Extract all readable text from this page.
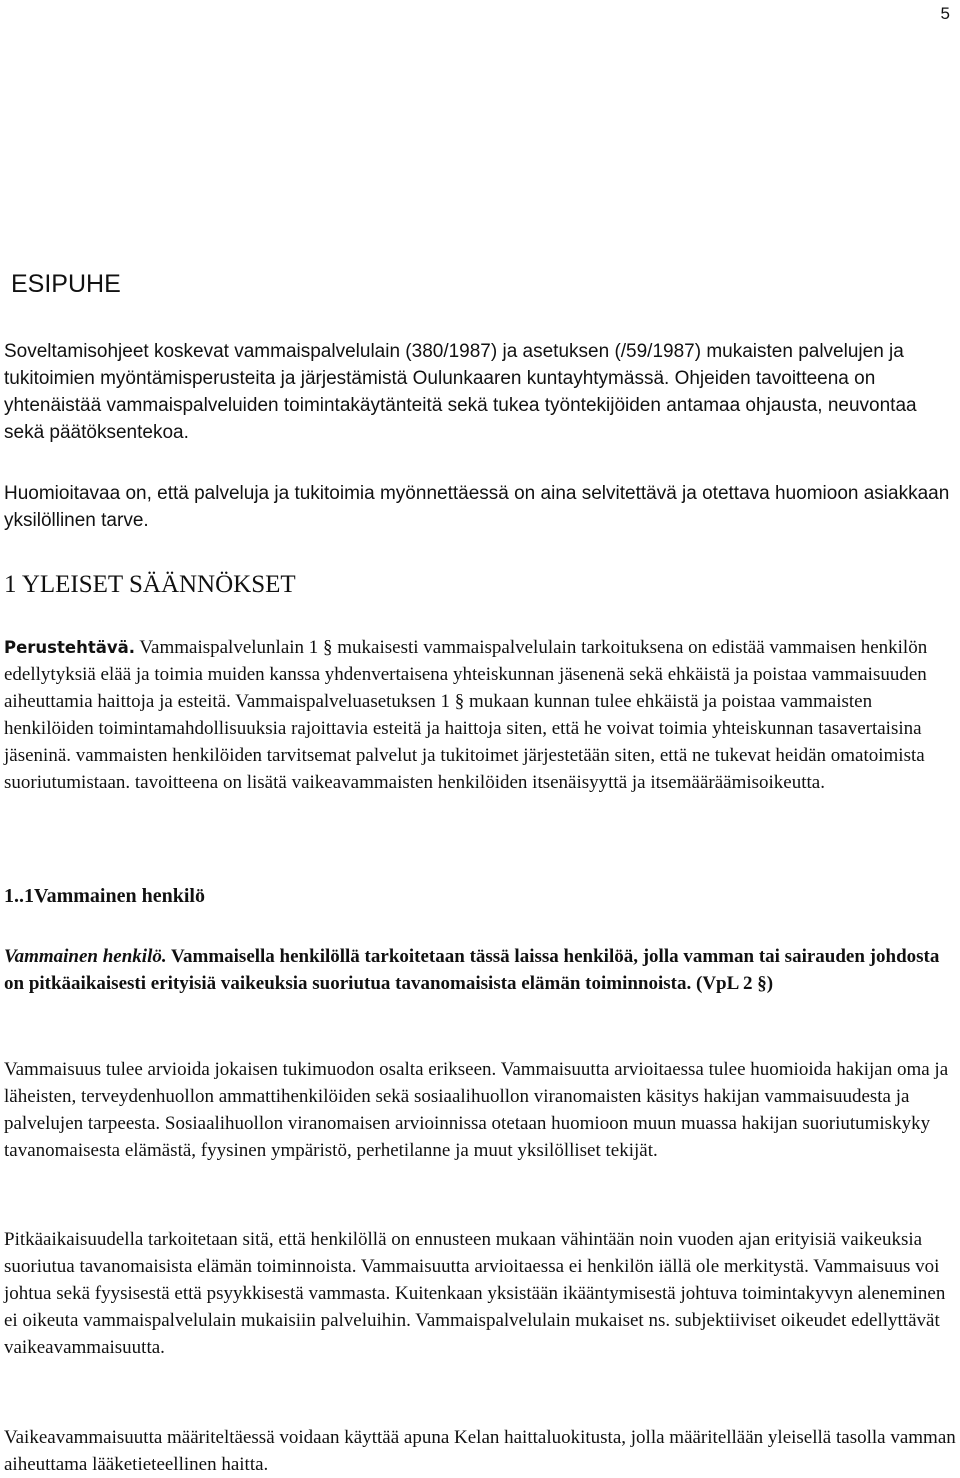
5
ESIPUHE

Soveltamisohjeet koskevat vammaispalvelulain (380/1987) ja asetuksen (/59/1987) mukaisten palvelujen ja tukitoimien myöntämisperusteita ja järjestämistä Oulunkaaren kuntayhtymässä. Ohjeiden tavoitteena on yhtenäistää vammaispalveluiden toimintakäytänteitä sekä tukea työntekijöiden antamaa ohjausta, neuvontaa sekä päätöksentekoa.

Huomioitavaa on, että palveluja ja tukitoimia myönnettäessä on aina selvitettävä ja otettava huomioon asiakkaan yksilöllinen tarve.

1 YLEISET SÄÄNNÖKSET

Perustehtävä. Vammaispalvelunlain 1 § mukaisesti vammaispalvelulain tarkoituksena on edistää vammaisen henkilön edellytyksiä elää ja toimia muiden kanssa yhdenvertaisena yhteiskunnan jäsenenä sekä ehkäistä ja poistaa vammaisuuden aiheuttamia haittoja ja esteitä. Vammaispalveluasetuksen 1 § mukaan kunnan tulee ehkäistä ja poistaa vammaisten henkilöiden toimintamahdollisuuksia rajoittavia esteitä ja haittoja siten, että he voivat toimia yhteiskunnan tasavertaisina jäseninä. vammaisten henkilöiden tarvitsemat palvelut ja tukitoimet järjestetään siten, että ne tukevat heidän omatoimista suoriutumistaan. tavoitteena on lisätä vaikeavammaisten henkilöiden itsenäisyyttä ja itsemääräämisoikeutta.

1..1Vammainen henkilö

Vammainen henkilö. Vammaisella henkilöllä tarkoitetaan tässä laissa henkilöä, jolla vamman tai sairauden johdosta on pitkäaikaisesti erityisiä vaikeuksia suoriutua tavanomaisista elämän toiminnoista. (VpL 2 §)

Vammaisuus tulee arvioida jokaisen tukimuodon osalta erikseen. Vammaisuutta arvioitaessa tulee huomioida hakijan oma ja läheisten, terveydenhuollon ammattihenkilöiden sekä sosiaalihuollon viranomaisten käsitys hakijan vammaisuudesta ja palvelujen tarpeesta. Sosiaalihuollon viranomaisen arvioinnissa otetaan huomioon muun muassa hakijan suoriutumiskyky tavanomaisesta elämästä, fyysinen ympäristö, perhetilanne ja muut yksilölliset tekijät.

Pitkäaikaisuudella tarkoitetaan sitä, että henkilöllä on ennusteen mukaan vähintään noin vuoden ajan erityisiä vaikeuksia suoriutua tavanomaisista elämän toiminnoista. Vammaisuutta arvioitaessa ei henkilön iällä ole merkitystä. Vammaisuus voi johtua sekä fyysisestä että psyykkisestä vammasta. Kuitenkaan yksistään ikääntymisestä johtuva toimintakyvyn aleneminen ei oikeuta vammaispalvelulain mukaisiin palveluihin. Vammaispalvelulain mukaiset ns. subjektiiviset oikeudet edellyttävät vaikeavammaisuutta.

Vaikeavammaisuutta määriteltäessä voidaan käyttää apuna Kelan haittaluokitusta, jolla määritellään yleisellä tasolla vamman aiheuttama lääketieteellinen haitta.
